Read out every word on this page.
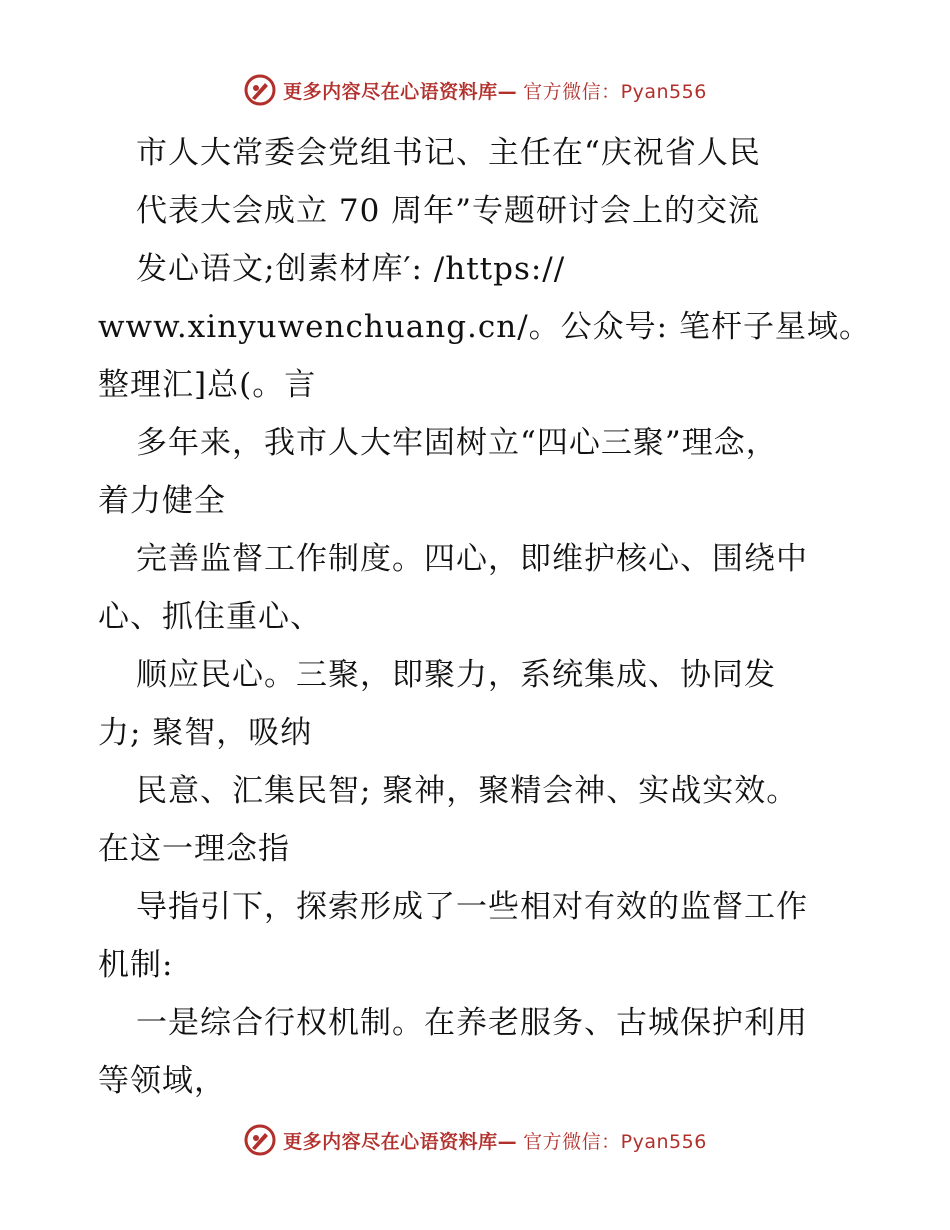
更多内容尽在心语资料库— 官方微信：Pyan556
市人大常委会党组书记、主任在“庆祝省人民
代表大会成立 70 周年”专题研讨会上的交流
发心语文;创素材库′: /https://
www.xinyuwenchuang.cn/。公众号: 笔杆子星域。
整理汇]总(。言
多年来，我市人大牢固树立“四心三聚”理念，
着力健全
完善监督工作制度。四心，即维护核心、围绕中
心、抓住重心、
顺应民心。三聚，即聚力，系统集成、协同发
力; 聚智，吸纳
民意、汇集民智; 聚神，聚精会神、实战实效。
在这一理念指
导指引下，探索形成了一些相对有效的监督工作
机制:
一是综合行权机制。在养老服务、古城保护利用
等领域，
更多内容尽在心语资料库— 官方微信：Pyan556
